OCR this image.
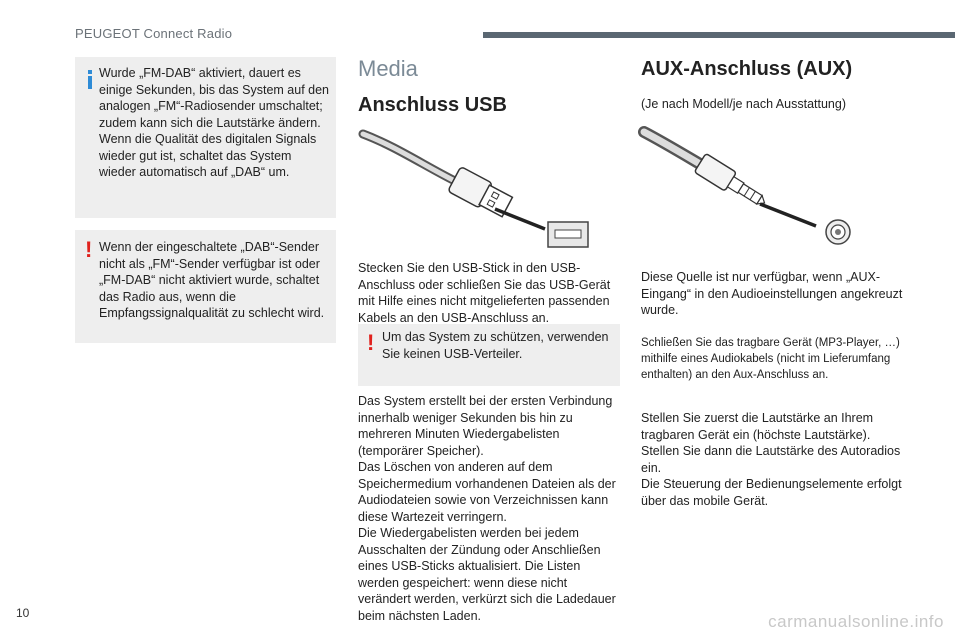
PEUGEOT Connect Radio

Wurde „FM-DAB“ aktiviert, dauert es einige Sekunden, bis das System auf den analogen „FM“-Radiosender umschaltet; zudem kann sich die Lautstärke ändern. Wenn die Qualität des digitalen Signals wieder gut ist, schaltet das System wieder automatisch auf „DAB“ um.

! Wenn der eingeschaltete „DAB“-Sender nicht als „FM“-Sender verfügbar ist oder „FM-DAB“ nicht aktiviert wurde, schaltet das Radio aus, wenn die Empfangssignalqualität zu schlecht wird.

Media
Anschluss USB

Stecken Sie den USB-Stick in den USB-Anschluss oder schließen Sie das USB-Gerät mit Hilfe eines nicht mitgelieferten passenden Kabels an den USB-Anschluss an.

! Um das System zu schützen, verwenden Sie keinen USB-Verteiler.

Das System erstellt bei der ersten Verbindung innerhalb weniger Sekunden bis hin zu mehreren Minuten Wiedergabelisten (temporärer Speicher).

Das Löschen von anderen auf dem Speichermedium vorhandenen Dateien als der Audiodateien sowie von Verzeichnissen kann diese Wartezeit verringern.

Die Wiedergabelisten werden bei jedem Ausschalten der Zündung oder Anschließen eines USB-Sticks aktualisiert. Die Listen werden gespeichert: wenn diese nicht verändert werden, verkürzt sich die Ladedauer beim nächsten Laden.

AUX-Anschluss (AUX)

(Je nach Modell/je nach Ausstattung)

Diese Quelle ist nur verfügbar, wenn „AUX-Eingang“ in den Audioeinstellungen angekreuzt wurde.

Schließen Sie das tragbare Gerät (MP3-Player, …) mithilfe eines Audiokabels (nicht im Lieferumfang enthalten) an den Aux-Anschluss an.

Stellen Sie zuerst die Lautstärke an Ihrem tragbaren Gerät ein (höchste Lautstärke).

Stellen Sie dann die Lautstärke des Autoradios ein.

Die Steuerung der Bedienungselemente erfolgt über das mobile Gerät.

10	carmanualsonline.info
